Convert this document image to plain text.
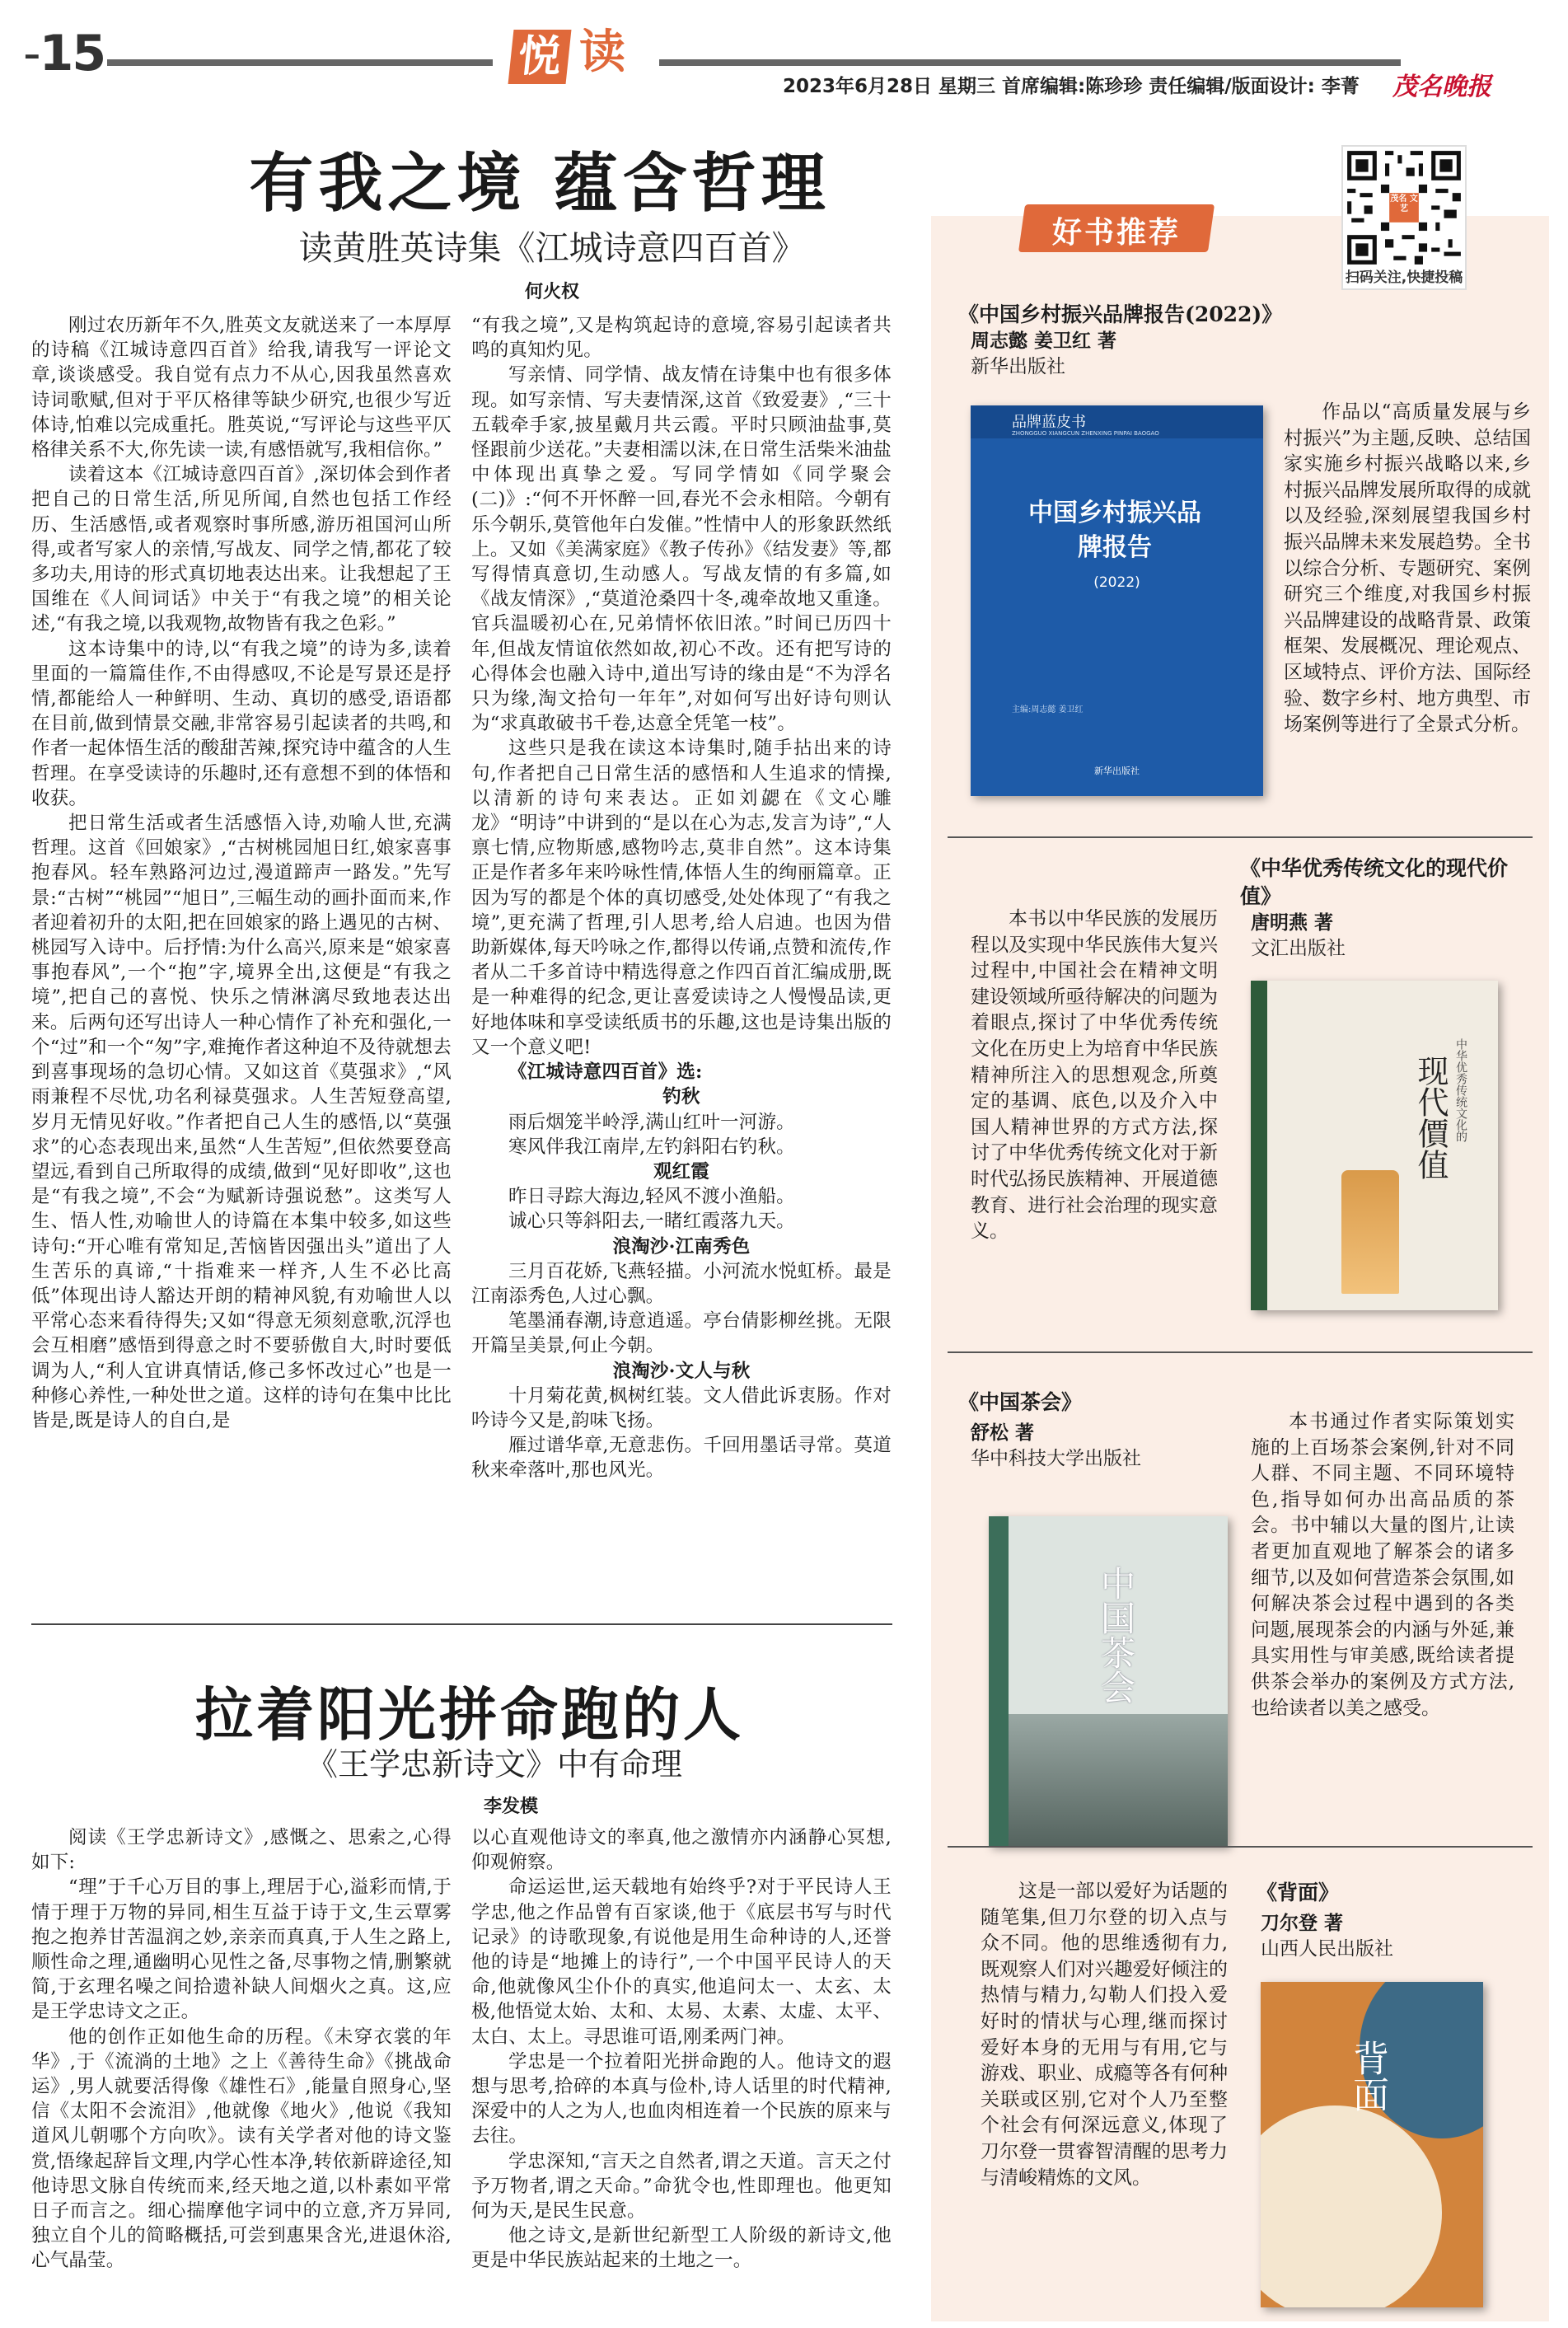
-15	悦 读
2023年6月28日 星期三 首席编辑:陈珍珍 责任编辑/版面设计: 李菁 茂名晚报
有我之境 蕴含哲理
读黄胜英诗集《江城诗意四百首》
何火权

刚过农历新年不久,胜英文友就送来了一本厚厚的诗稿《江城诗意四百首》给我,请我写一评论文章,谈谈感受。我自觉有点力不从心,因我虽然喜欢诗词歌赋,但对于平仄格律等缺少研究,也很少写近体诗,怕难以完成重托。胜英说,“写评论与这些平仄格律关系不大,你先读一读,有感悟就写,我相信你。”

读着这本《江城诗意四百首》,深切体会到作者把自己的日常生活,所见所闻,自然也包括工作经历、生活感悟,或者观察时事所感,游历祖国河山所得,或者写家人的亲情,写战友、同学之情,都花了较多功夫,用诗的形式真切地表达出来。让我想起了王国维在《人间词话》中关于“有我之境”的相关论述,“有我之境,以我观物,故物皆有我之色彩。”

这本诗集中的诗,以“有我之境”的诗为多,读着里面的一篇篇佳作,不由得感叹,不论是写景还是抒情,都能给人一种鲜明、生动、真切的感受,语语都在目前,做到情景交融,非常容易引起读者的共鸣,和作者一起体悟生活的酸甜苦辣,探究诗中蕴含的人生哲理。在享受读诗的乐趣时,还有意想不到的体悟和收获。

把日常生活或者生活感悟入诗,劝喻人世,充满哲理。这首《回娘家》,“古树桃园旭日红,娘家喜事抱春风。轻车熟路河边过,漫道蹄声一路发。”先写景:“古树”“桃园”“旭日”,三幅生动的画扑面而来,作者迎着初升的太阳,把在回娘家的路上遇见的古树、桃园写入诗中。后抒情:为什么高兴,原来是“娘家喜事抱春风”,一个“抱”字,境界全出,这便是“有我之境”,把自己的喜悦、快乐之情淋漓尽致地表达出来。后两句还写出诗人一种心情作了补充和强化,一个“过”和一个“匆”字,难掩作者这种迫不及待就想去到喜事现场的急切心情。又如这首《莫强求》,“风雨兼程不尽忧,功名利禄莫强求。人生苦短登高望,岁月无情见好收。”作者把自己人生的感悟,以“莫强求”的心态表现出来,虽然“人生苦短”,但依然要登高望远,看到自己所取得的成绩,做到“见好即收”,这也是“有我之境”,不会“为赋新诗强说愁”。这类写人生、悟人性,劝喻世人的诗篇在本集中较多,如这些诗句:“开心唯有常知足,苦恼皆因强出头”道出了人生苦乐的真谛,“十指难来一样齐,人生不必比高低”体现出诗人豁达开朗的精神风貌,有劝喻世人以平常心态来看待得失;又如“得意无须刻意歌,沉浮也会互相磨”感悟到得意之时不要骄傲自大,时时要低调为人,“利人宜讲真情话,修己多怀改过心”也是一种修心养性,一种处世之道。这样的诗句在集中比比皆是,既是诗人的自白,是

“有我之境”,又是构筑起诗的意境,容易引起读者共鸣的真知灼见。

写亲情、同学情、战友情在诗集中也有很多体现。如写亲情、写夫妻情深,这首《致爱妻》,“三十五载牵手家,披星戴月共云霞。平时只顾油盐事,莫怪跟前少送花。”夫妻相濡以沫,在日常生活柴米油盐中体现出真挚之爱。写同学情如《同学聚会(二)》:“何不开怀醉一回,春光不会永相陪。今朝有乐今朝乐,莫管他年白发催。”性情中人的形象跃然纸上。又如《美满家庭》《教子传孙》《结发妻》等,都写得情真意切,生动感人。写战友情的有多篇,如《战友情深》,“莫道沧桑四十冬,魂牵故地又重逢。官兵温暖初心在,兄弟情怀依旧浓。”时间已历四十年,但战友情谊依然如故,初心不改。还有把写诗的心得体会也融入诗中,道出写诗的缘由是“不为浮名只为缘,淘文拾句一年年”,对如何写出好诗句则认为“求真敢破书千卷,达意全凭笔一枝”。

这些只是我在读这本诗集时,随手拈出来的诗句,作者把自己日常生活的感悟和人生追求的情操,以清新的诗句来表达。正如刘勰在《文心雕龙》“明诗”中讲到的“是以在心为志,发言为诗”,“人禀七情,应物斯感,感物吟志,莫非自然”。这本诗集正是作者多年来吟咏性情,体悟人生的绚丽篇章。正因为写的都是个体的真切感受,处处体现了“有我之境”,更充满了哲理,引人思考,给人启迪。也因为借助新媒体,每天吟咏之作,都得以传诵,点赞和流传,作者从二千多首诗中精选得意之作四百首汇编成册,既是一种难得的纪念,更让喜爱读诗之人慢慢品读,更好地体味和享受读纸质书的乐趣,这也是诗集出版的又一个意义吧!

《江城诗意四百首》选:

钓秋

雨后烟笼半岭浮,满山红叶一河游。

寒风伴我江南岸,左钓斜阳右钓秋。

观红霞

昨日寻踪大海边,轻风不渡小渔船。

诚心只等斜阳去,一睹红霞落九天。

浪淘沙·江南秀色

三月百花娇,飞燕轻描。小河流水悦虹桥。最是江南添秀色,人过心飘。

笔墨涌春潮,诗意逍遥。亭台倩影柳丝挑。无限开篇呈美景,何止今朝。

浪淘沙·文人与秋

十月菊花黄,枫树红装。文人借此诉衷肠。作对吟诗今又是,韵味飞扬。

雁过谱华章,无意悲伤。千回用墨话寻常。莫道秋来牵落叶,那也风光。

拉着阳光拼命跑的人
《王学忠新诗文》中有命理
李发模

阅读《王学忠新诗文》,感慨之、思索之,心得如下:

“理”于千心万目的事上,理居于心,溢彩而情,于情于理于万物的异同,相生互益于诗于文,生云覃雾抱之抱养甘苦温润之妙,亲亲而真真,于人生之路上,顺性命之理,通幽明心见性之备,尽事物之情,删繁就简,于玄理名噪之间拾遗补缺人间烟火之真。这,应是王学忠诗文之正。

他的创作正如他生命的历程。《未穿衣裳的年华》,于《流淌的土地》之上《善待生命》《挑战命运》,男人就要活得像《雄性石》,能量自照身心,坚信《太阳不会流泪》,他就像《地火》,他说《我知道风儿朝哪个方向吹》。读有关学者对他的诗文鉴赏,悟缘起辞旨文理,内学心性本净,转依新辟途径,知他诗思文脉自传统而来,经天地之道,以朴素如平常日子而言之。细心揣摩他字词中的立意,齐万异同,独立自个儿的简略概括,可尝到惠果含光,进退休浴,心气晶莹。

以心直观他诗文的率真,他之激情亦内涵静心冥想,仰观俯察。

命运运世,运天载地有始终乎?对于平民诗人王学忠,他之作品曾有百家谈,他于《底层书写与时代记录》的诗歌现象,有说他是用生命种诗的人,还誉他的诗是“地摊上的诗行”,一个中国平民诗人的天命,他就像风尘仆仆的真实,他追问太一、太玄、太极,他悟觉太始、太和、太易、太素、太虚、太平、太白、太上。寻思谁可语,刚柔两门神。

学忠是一个拉着阳光拼命跑的人。他诗文的遐想与思考,拾碎的本真与俭朴,诗人话里的时代精神,深爱中的人之为人,也血肉相连着一个民族的原来与去往。

学忠深知,“言天之自然者,谓之天道。言天之付予万物者,谓之天命。”命犹令也,性即理也。他更知何为天,是民生民意。

他之诗文,是新世纪新型工人阶级的新诗文,他更是中华民族站起来的土地之一。

好书推荐
茂名 文艺
扫码关注,快捷投稿
《中国乡村振兴品牌报告(2022)》
周志懿 姜卫红 著
新华出版社
品牌蓝皮书
ZHONGGUO XIANGCUN ZHENXING PINPAI BAOGAO
中国乡村振兴品牌报告
(2022)
主编:周志懿 姜卫红
新华出版社

作品以“高质量发展与乡村振兴”为主题,反映、总结国家实施乡村振兴战略以来,乡村振兴品牌发展所取得的成就以及经验,深刻展望我国乡村振兴品牌未来发展趋势。全书以综合分析、专题研究、案例研究三个维度,对我国乡村振兴品牌建设的战略背景、政策框架、发展概况、理论观点、区域特点、评价方法、国际经验、数字乡村、地方典型、市场案例等进行了全景式分析。

《中华优秀传统文化的现代价值》
唐明燕 著
文汇出版社

本书以中华民族的发展历程以及实现中华民族伟大复兴过程中,中国社会在精神文明建设领域所亟待解决的问题为着眼点,探讨了中华优秀传统文化在历史上为培育中华民族精神所注入的思想观念,所奠定的基调、底色,以及介入中国人精神世界的方式方法,探讨了中华优秀传统文化对于新时代弘扬民族精神、开展道德教育、进行社会治理的现实意义。

现代價值 中华优秀传统文化的
《中国茶会》
舒松 著
华中科技大学出版社
中国茶会

本书通过作者实际策划实施的上百场茶会案例,针对不同人群、不同主题、不同环境特色,指导如何办出高品质的茶会。书中辅以大量的图片,让读者更加直观地了解茶会的诸多细节,以及如何营造茶会氛围,如何解决茶会过程中遇到的各类问题,展现茶会的内涵与外延,兼具实用性与审美感,既给读者提供茶会举办的案例及方式方法,也给读者以美之感受。

这是一部以爱好为话题的随笔集,但刀尔登的切入点与众不同。他的思维透彻有力,既观察人们对兴趣爱好倾注的热情与精力,勾勒人们投入爱好时的情状与心理,继而探讨爱好本身的无用与有用,它与游戏、职业、成瘾等各有何种关联或区别,它对个人乃至整个社会有何深远意义,体现了刀尔登一贯睿智清醒的思考力与清峻精炼的文风。

《背面》
刀尔登 著
山西人民出版社
背面
